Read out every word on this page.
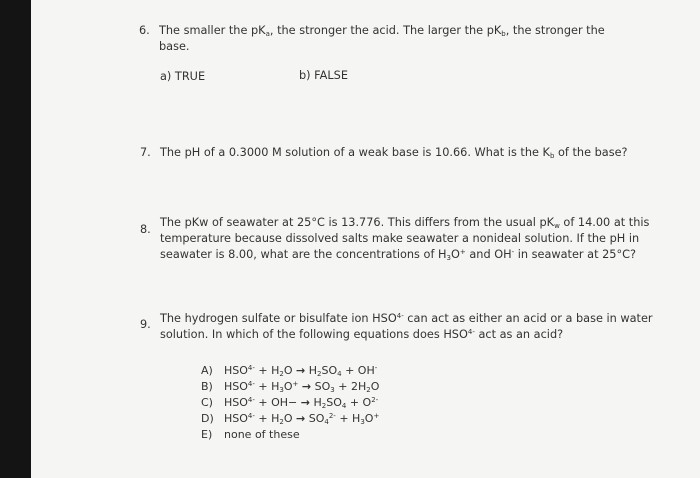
6. The smaller the $pK_a$, the stronger the acid. The larger the $pK_b$, the stronger the
base.
a) TRUE	b) FALSE
7. The pH of a 0.3000 M solution of a weak base is 10.66. What is the $K_b$ of the base?
8.
The pKw of seawater at 25°C is 13.776. This differs from the usual $pK_w$ of 14.00 at this
temperature because dissolved salts make seawater a nonideal solution. If the pH in
seawater is 8.00, what are the concentrations of $H_3O^+$ and OH- in seawater at 25°C?
9. The hydrogen sulfate or bisulfate ion $HSO^{4-}$ can act as either an acid or a base in water
solution. In which of the following equations does $HSO^{4-}$ act as an acid?
A) $HSO^{4-} + H_2O \to H_2SO_4 + OH^-$
B) $HSO^{4-} + H_3O^+ \to SO_3 + 2H_2O$
C) $HSO^{4-} + OH- \to H_2SO_4 + O^{2-}$
D) $HSO^{4-} + H_2O \to SO_4^{2-} + H_3O^+$
E) none of these
